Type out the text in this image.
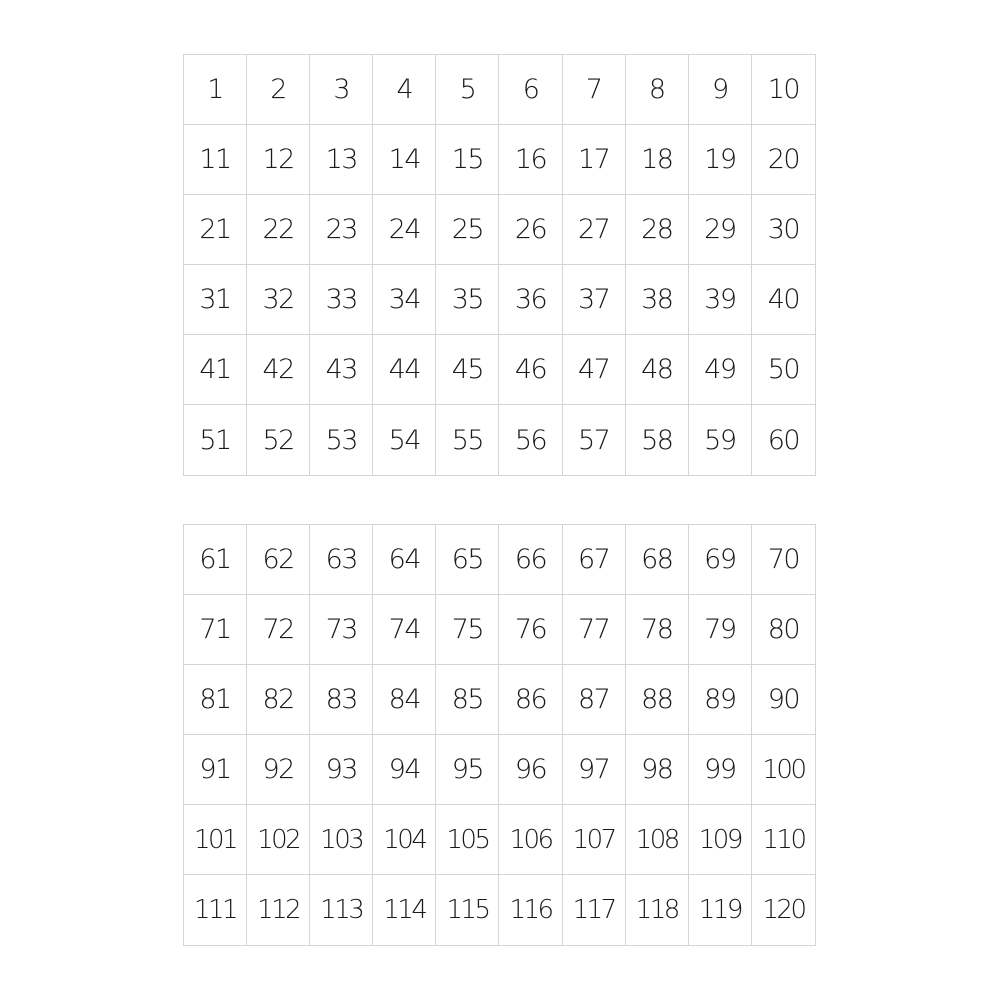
1	2	3	4	5	6	7	8	9	10
11	12	13	14	15	16	17	18	19	20
21	22	23	24	25	26	27	28	29	30
31	32	33	34	35	36	37	38	39	40
41	42	43	44	45	46	47	48	49	50
51	52	53	54	55	56	57	58	59	60
61	62	63	64	65	66	67	68	69	70
71	72	73	74	75	76	77	78	79	80
81	82	83	84	85	86	87	88	89	90
91	92	93	94	95	96	97	98	99	100
101 102 103 104 105 106 107 108 109 110
111 112 113 114 115 116 117 118 119 120
